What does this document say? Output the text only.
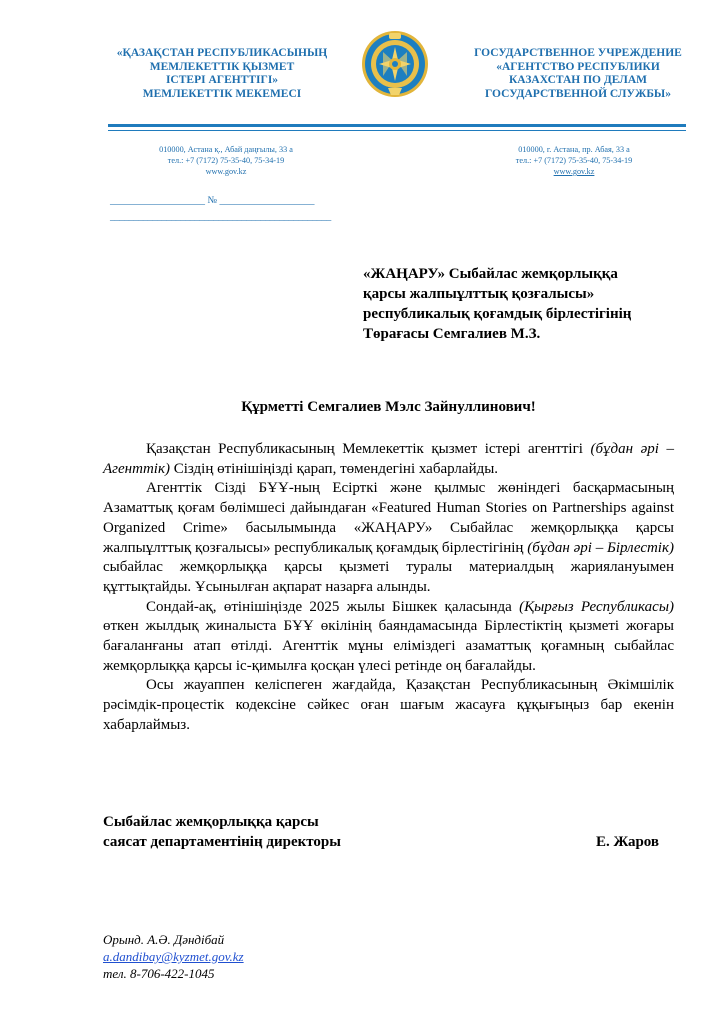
«ҚАЗАҚСТАН РЕСПУБЛИКАСЫНЫҢ
МЕМЛЕКЕТТІК ҚЫЗМЕТ
ІСТЕРІ АГЕНТТІГІ»
МЕМЛЕКЕТТІК МЕКЕМЕСІ
ГОСУДАРСТВЕННОЕ УЧРЕЖДЕНИЕ
«АГЕНТСТВО РЕСПУБЛИКИ
КАЗАХСТАН ПО ДЕЛАМ
ГОСУДАРСТВЕННОЙ СЛУЖБЫ»
010000, Астана қ., Абай даңғылы, 33 а
тел.: +7 (7172) 75-35-40, 75-34-19
www.gov.kz
010000, г. Астана, пр. Абая, 33 а
тел.: +7 (7172) 75-35-40, 75-34-19
www.gov.kz
___________________ № ___________________
_______________________________________________
«ЖАҢАРУ» Сыбайлас жемқорлыққа
қарсы жалпыұлттық қозғалысы»
республикалық қоғамдық бірлестігінің
Төрағасы Семгалиев М.З.
Құрметті Семгалиев Мэлс Зайнуллинович!

Қазақстан Республикасының Мемлекеттік қызмет істері агенттігі (бұдан әрі – Агенттік) Сіздің өтінішіңізді қарап, төмендегіні хабарлайды.

Агенттік Сізді БҰҰ-ның Есірткі және қылмыс жөніндегі басқармасының Азаматтық қоғам бөлімшесі дайындаған «Featured Human Stories on Partnerships against Organized Crime» басылымында «ЖАҢАРУ» Сыбайлас жемқорлыққа қарсы жалпыұлттық қозғалысы» республикалық қоғамдық бірлестігінің (бұдан әрі – Бірлестік) сыбайлас жемқорлыққа қарсы қызметі туралы материалдың жариялануымен құттықтайды. Ұсынылған ақпарат назарға алынды.

Сондай-ақ, өтінішіңізде 2025 жылы Бішкек қаласында (Қырғыз Республикасы) өткен жылдық жиналыста БҰҰ өкілінің баяндамасында Бірлестіктің қызметі жоғары бағаланғаны атап өтілді. Агенттік мұны еліміздегі азаматтық қоғамның сыбайлас жемқорлыққа қарсы іс-қимылға қосқан үлесі ретінде оң бағалайды.

Осы жауаппен келіспеген жағдайда, Қазақстан Республикасының Әкімшілік рәсімдік-процестік кодексіне сәйкес оған шағым жасауға құқығыңыз бар екенін хабарлаймыз.

Сыбайлас жемқорлыққа қарсы
саясат департаментінің директоры	Е. Жаров
Орынд. А.Ә. Дәндібай
a.dandibay@kyzmet.gov.kz
тел. 8-706-422-1045
